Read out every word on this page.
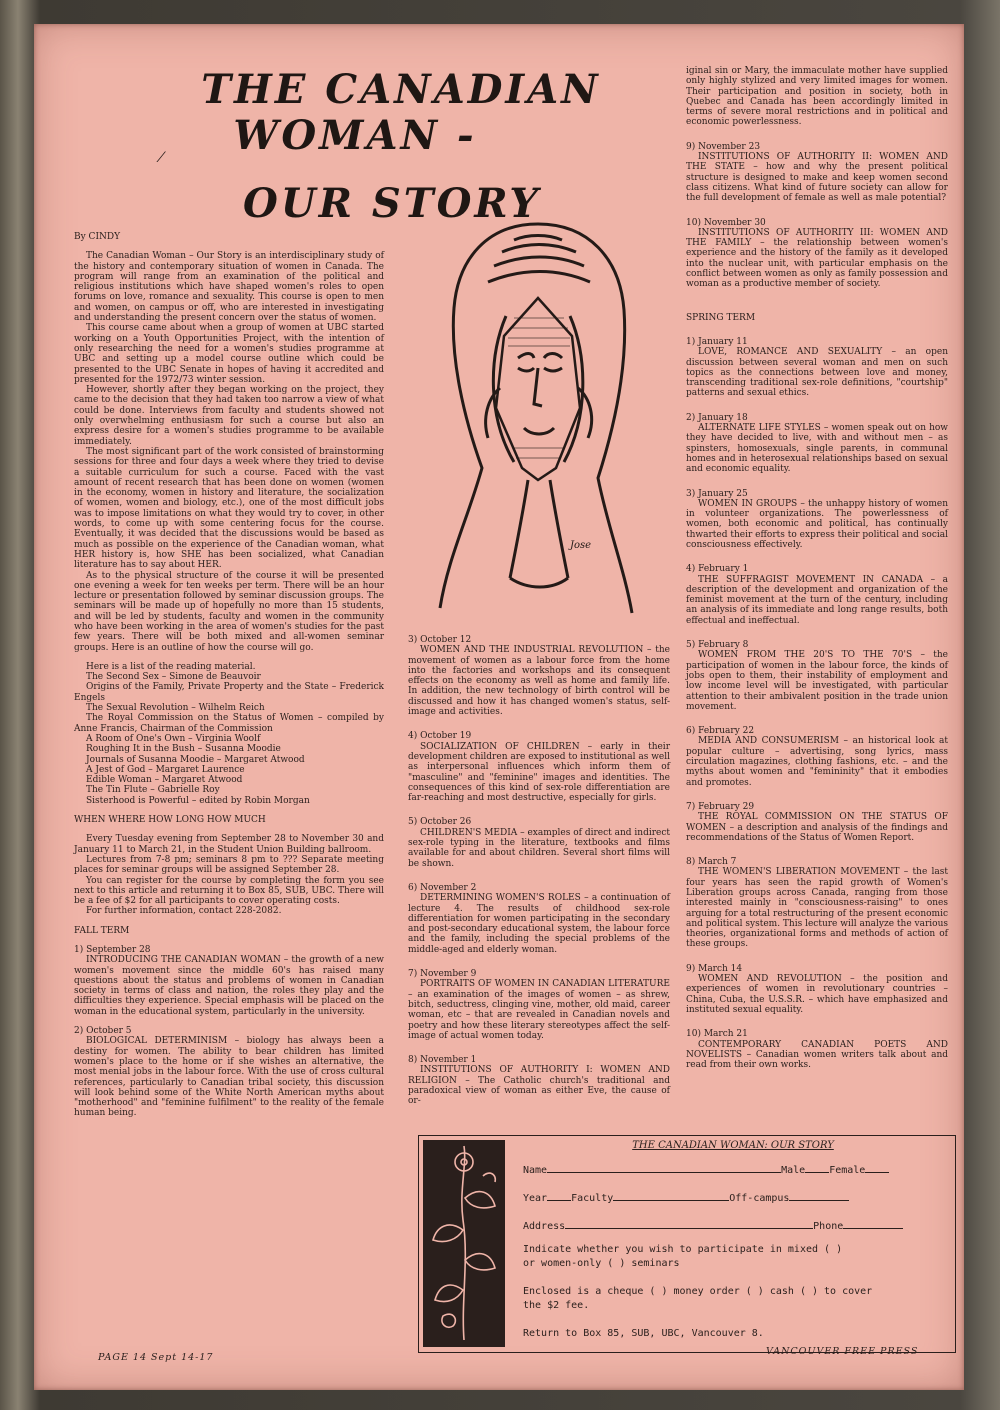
THE CANADIAN
WOMAN -
OUR STORY
⁄
Jose

By CINDY

The Canadian Woman – Our Story is an interdisciplinary study of the history and contemporary situation of women in Canada. The program will range from an examination of the political and religious institutions which have shaped women's roles to open forums on love, romance and sexuality. This course is open to men and women, on campus or off, who are interested in investigating and understanding the present concern over the status of women.

This course came about when a group of women at UBC started working on a Youth Opportunities Project, with the intention of only researching the need for a women's studies programme at UBC and setting up a model course outline which could be presented to the UBC Senate in hopes of having it accredited and presented for the 1972/73 winter session.

However, shortly after they began working on the project, they came to the decision that they had taken too narrow a view of what could be done. Interviews from faculty and students showed not only overwhelming enthusiasm for such a course but also an express desire for a women's studies programme to be available immediately.

The most significant part of the work consisted of brainstorming sessions for three and four days a week where they tried to devise a suitable curriculum for such a course. Faced with the vast amount of recent research that has been done on women (women in the economy, women in history and literature, the socialization of women, women and biology, etc.), one of the most difficult jobs was to impose limitations on what they would try to cover, in other words, to come up with some centering focus for the course. Eventually, it was decided that the discussions would be based as much as possible on the experience of the Canadian woman, what HER history is, how SHE has been socialized, what Canadian literature has to say about HER.

As to the physical structure of the course it will be presented one evening a week for ten weeks per term. There will be an hour lecture or presentation followed by seminar discussion groups. The seminars will be made up of hopefully no more than 15 students, and will be led by students, faculty and women in the community who have been working in the area of women's studies for the past few years. There will be both mixed and all-women seminar groups. Here is an outline of how the course will go.

Here is a list of the reading material.

The Second Sex – Simone de Beauvoir

Origins of the Family, Private Property and the State – Frederick Engels

The Sexual Revolution – Wilhelm Reich

The Royal Commission on the Status of Women – compiled by Anne Francis, Chairman of the Commission

A Room of One's Own – Virginia Woolf

Roughing It in the Bush – Susanna Moodie

Journals of Susanna Moodie – Margaret Atwood

A Jest of God – Margaret Laurence

Edible Woman – Margaret Atwood

The Tin Flute – Gabrielle Roy

Sisterhood is Powerful – edited by Robin Morgan

WHEN WHERE HOW LONG HOW MUCH

Every Tuesday evening from September 28 to November 30 and January 11 to March 21, in the Student Union Building ballroom.

Lectures from 7-8 pm; seminars 8 pm to ??? Separate meeting places for seminar groups will be assigned September 28.

You can register for the course by completing the form you see next to this article and returning it to Box 85, SUB, UBC. There will be a fee of $2 for all participants to cover operating costs.

For further information, contact 228-2082.

FALL TERM

1) September 28

INTRODUCING THE CANADIAN WOMAN – the growth of a new women's movement since the middle 60's has raised many questions about the status and problems of women in Canadian society in terms of class and nation, the roles they play and the difficulties they experience. Special emphasis will be placed on the woman in the educational system, particularly in the university.

2) October 5

BIOLOGICAL DETERMINISM – biology has always been a destiny for women. The ability to bear children has limited women's place to the home or if she wishes an alternative, the most menial jobs in the labour force. With the use of cross cultural references, particularly to Canadian tribal society, this discussion will look behind some of the White North American myths about "motherhood" and "feminine fulfilment" to the reality of the female human being.

3) October 12

WOMEN AND THE INDUSTRIAL REVOLUTION – the movement of women as a labour force from the home into the factories and workshops and its consequent effects on the economy as well as home and family life. In addition, the new technology of birth control will be discussed and how it has changed women's status, self-image and activities.

4) October 19

SOCIALIZATION OF CHILDREN – early in their development children are exposed to institutional as well as interpersonal influences which inform them of "masculine" and "feminine" images and identities. The consequences of this kind of sex-role differentiation are far-reaching and most destructive, especially for girls.

5) October 26

CHILDREN'S MEDIA – examples of direct and indirect sex-role typing in the literature, textbooks and films available for and about children. Several short films will be shown.

6) November 2

DETERMINING WOMEN'S ROLES – a continuation of lecture 4. The results of childhood sex-role differentiation for women participating in the secondary and post-secondary educational system, the labour force and the family, including the special problems of the middle-aged and elderly woman.

7) November 9

PORTRAITS OF WOMEN IN CANADIAN LITERATURE – an examination of the images of women – as shrew, bitch, seductress, clinging vine, mother, old maid, career woman, etc – that are revealed in Canadian novels and poetry and how these literary stereotypes affect the self-image of actual women today.

8) November 1

INSTITUTIONS OF AUTHORITY I: WOMEN AND RELIGION – The Catholic church's traditional and paradoxical view of woman as either Eve, the cause of or-

iginal sin or Mary, the immaculate mother have supplied only highly stylized and very limited images for women. Their participation and position in society, both in Quebec and Canada has been accordingly limited in terms of severe moral restrictions and in political and economic powerlessness.

9) November 23

INSTITUTIONS OF AUTHORITY II: WOMEN AND THE STATE – how and why the present political structure is designed to make and keep women second class citizens. What kind of future society can allow for the full development of female as well as male potential?

10) November 30

INSTITUTIONS OF AUTHORITY III: WOMEN AND THE FAMILY – the relationship between women's experience and the history of the family as it developed into the nuclear unit, with particular emphasis on the conflict between women as only as family possession and woman as a productive member of society.

SPRING TERM

1) January 11

LOVE, ROMANCE AND SEXUALITY – an open discussion between several woman and men on such topics as the connections between love and money, transcending traditional sex-role definitions, "courtship" patterns and sexual ethics.

2) January 18

ALTERNATE LIFE STYLES – women speak out on how they have decided to live, with and without men – as spinsters, homosexuals, single parents, in communal homes and in heterosexual relationships based on sexual and economic equality.

3) January 25

WOMEN IN GROUPS – the unhappy history of women in volunteer organizations. The powerlessness of women, both economic and political, has continually thwarted their efforts to express their political and social consciousness effectively.

4) February 1

THE SUFFRAGIST MOVEMENT IN CANADA – a description of the development and organization of the feminist movement at the turn of the century, including an analysis of its immediate and long range results, both effectual and ineffectual.

5) February 8

WOMEN FROM THE 20'S TO THE 70'S – the participation of women in the labour force, the kinds of jobs open to them, their instability of employment and low income level will be investigated, with particular attention to their ambivalent position in the trade union movement.

6) February 22

MEDIA AND CONSUMERISM – an historical look at popular culture – advertising, song lyrics, mass circulation magazines, clothing fashions, etc. – and the myths about women and "femininity" that it embodies and promotes.

7) February 29

THE ROYAL COMMISSION ON THE STATUS OF WOMEN – a description and analysis of the findings and recommendations of the Status of Women Report.

8) March 7

THE WOMEN'S LIBERATION MOVEMENT – the last four years has seen the rapid growth of Women's Liberation groups across Canada, ranging from those interested mainly in "consciousness-raising" to ones arguing for a total restructuring of the present economic and political system. This lecture will analyze the various theories, organizational forms and methods of action of these groups.

9) March 14

WOMEN AND REVOLUTION – the position and experiences of women in revolutionary countries – China, Cuba, the U.S.S.R. – which have emphasized and instituted sexual equality.

10) March 21

CONTEMPORARY CANADIAN POETS AND NOVELISTS – Canadian women writers talk about and read from their own works.

THE CANADIAN WOMAN: OUR STORY
Name	Male Female
Year Faculty	Off-campus
Address	Phone
Indicate whether you wish to participate in mixed ( )
or women-only ( ) seminars
Enclosed is a cheque ( ) money order ( ) cash ( ) to cover
the $2 fee.
Return to Box 85, SUB, UBC, Vancouver 8.
PAGE 14 Sept 14-17
VANCOUVER FREE PRESS
